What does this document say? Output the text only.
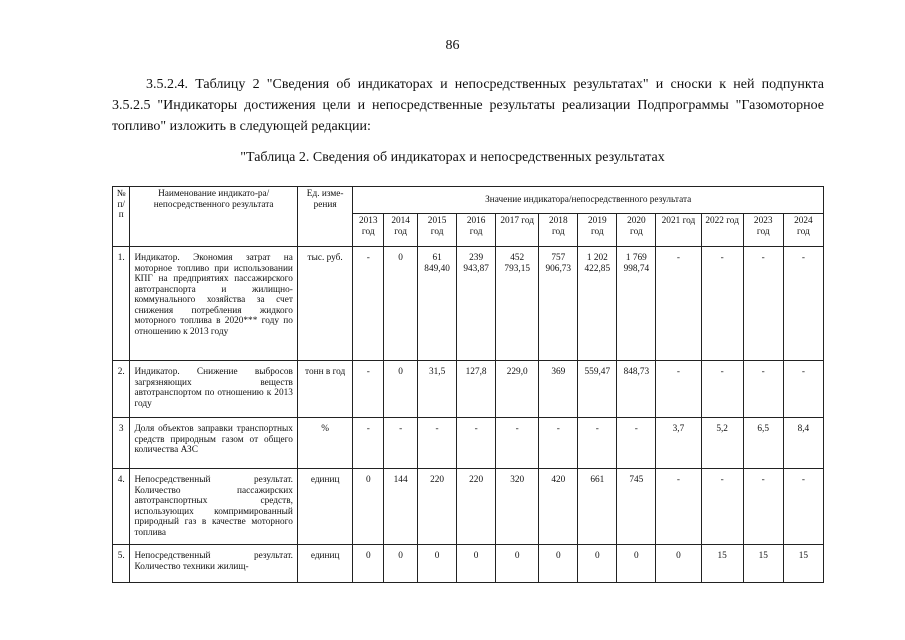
86
3.5.2.4. Таблицу 2 "Сведения об индикаторах и непосредственных результатах" и сноски к ней подпункта
3.5.2.5 "Индикаторы достижения цели и непосредственные результаты реализации Подпрограммы "Газомоторное
топливо" изложить в следующей редакции:
"Таблица 2. Сведения об индикаторах и непосредственных результатах
№ п/п	Наименование индикато-ра/непосредственного результата	Ед. изме-рения	Значение индикатора/непосредственного результата											
			2013 год	2014 год	2015 год	2016 год	2017 год	2018 год	2019 год	2020 год	2021 год	2022 год	2023 год	2024 год
1.	Индикатор. Экономия затрат на моторное топливо при использовании КПГ на предприятиях пассажирского автотранспорта и жилищно-коммунального хозяйства за счет снижения потребления жидкого моторного топлива в 2020*** году по отношению к 2013 году	тыс. руб.	-	0	61 849,40	239 943,87	452 793,15	757 906,73	1 202 422,85	1 769 998,74	-	-	-	-
2.	Индикатор. Снижение выбросов загрязняющих веществ автотранспортом по отношению к 2013 году	тонн в год	-	0	31,5	127,8	229,0	369	559,47	848,73	-	-	-	-
3	Доля объектов заправки транспортных средств природным газом от общего количества АЗС	%	-	-	-	-	-	-	-	-	3,7	5,2	6,5	8,4
4.	Непосредственный результат. Количество пассажирских автотранспортных средств, использующих компримированный природный газ в качестве моторного топлива	единиц	0	144	220	220	320	420	661	745	-	-	-	-
5.	Непосредственный результат. Количество техники жилищ-	единиц	0	0	0	0	0	0	0	0	0	15	15	15
